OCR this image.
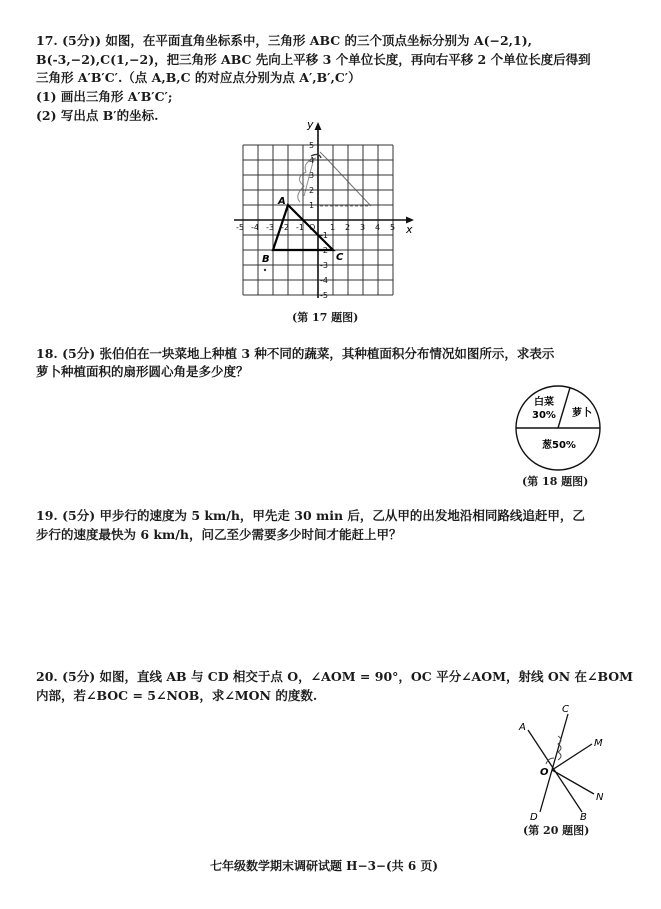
17. (5分)) 如图，在平面直角坐标系中，三角形 ABC 的三个顶点坐标分别为 A(−2,1),
B(-3,−2),C(1,−2)，把三角形 ABC 先向上平移 3 个单位长度，再向右平移 2 个单位长度后得到
三角形 A′B′C′.（点 A,B,C 的对应点分别为点 A′,B′,C′）
(1) 画出三角形 A′B′C′;
(2) 写出点 B′的坐标.
x
y
-5 -4 -3 -2 -1 O 1 2 3 4 5
5
4
3
2
1
-1
-2
-3
-4
-5
A
B	C
(第 17 题图)
18. (5分) 张伯伯在一块菜地上种植 3 种不同的蔬菜，其种植面积分布情况如图所示，求表示
萝卜种植面积的扇形圆心角是多少度？
白菜
30% 萝卜
葱50%
(第 18 题图)
19. (5分) 甲步行的速度为 5 km/h，甲先走 30 min 后，乙从甲的出发地沿相同路线追赶甲，乙
步行的速度最快为 6 km/h，问乙至少需要多少时间才能赶上甲？
20. (5分) 如图，直线 AB 与 CD 相交于点 O，∠AOM = 90°，OC 平分∠AOM，射线 ON 在∠BOM
内部，若∠BOC = 5∠NOB，求∠MON 的度数.
A
C
M
O
N
D	B
(第 20 题图)
七年级数学期末调研试题 H−3−(共 6 页)
